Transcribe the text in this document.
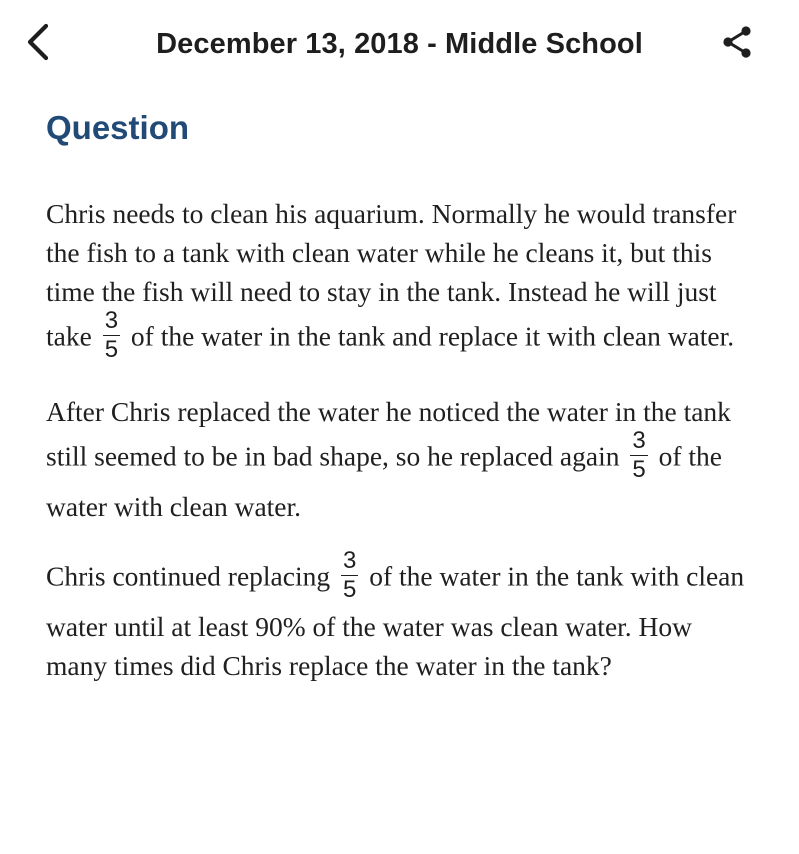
December 13, 2018 - Middle School
Question

Chris needs to clean his aquarium. Normally he would transfer the fish to a tank with clean water while he cleans it, but this time the fish will need to stay in the tank. Instead he will just take $\frac{3}{5}$ of the water in the tank and replace it with clean water.

After Chris replaced the water he noticed the water in the tank still seemed to be in bad shape, so he replaced again $\frac{3}{5}$ of the water with clean water.

Chris continued replacing $\frac{3}{5}$ of the water in the tank with clean water until at least 90% of the water was clean water. How many times did Chris replace the water in the tank?
